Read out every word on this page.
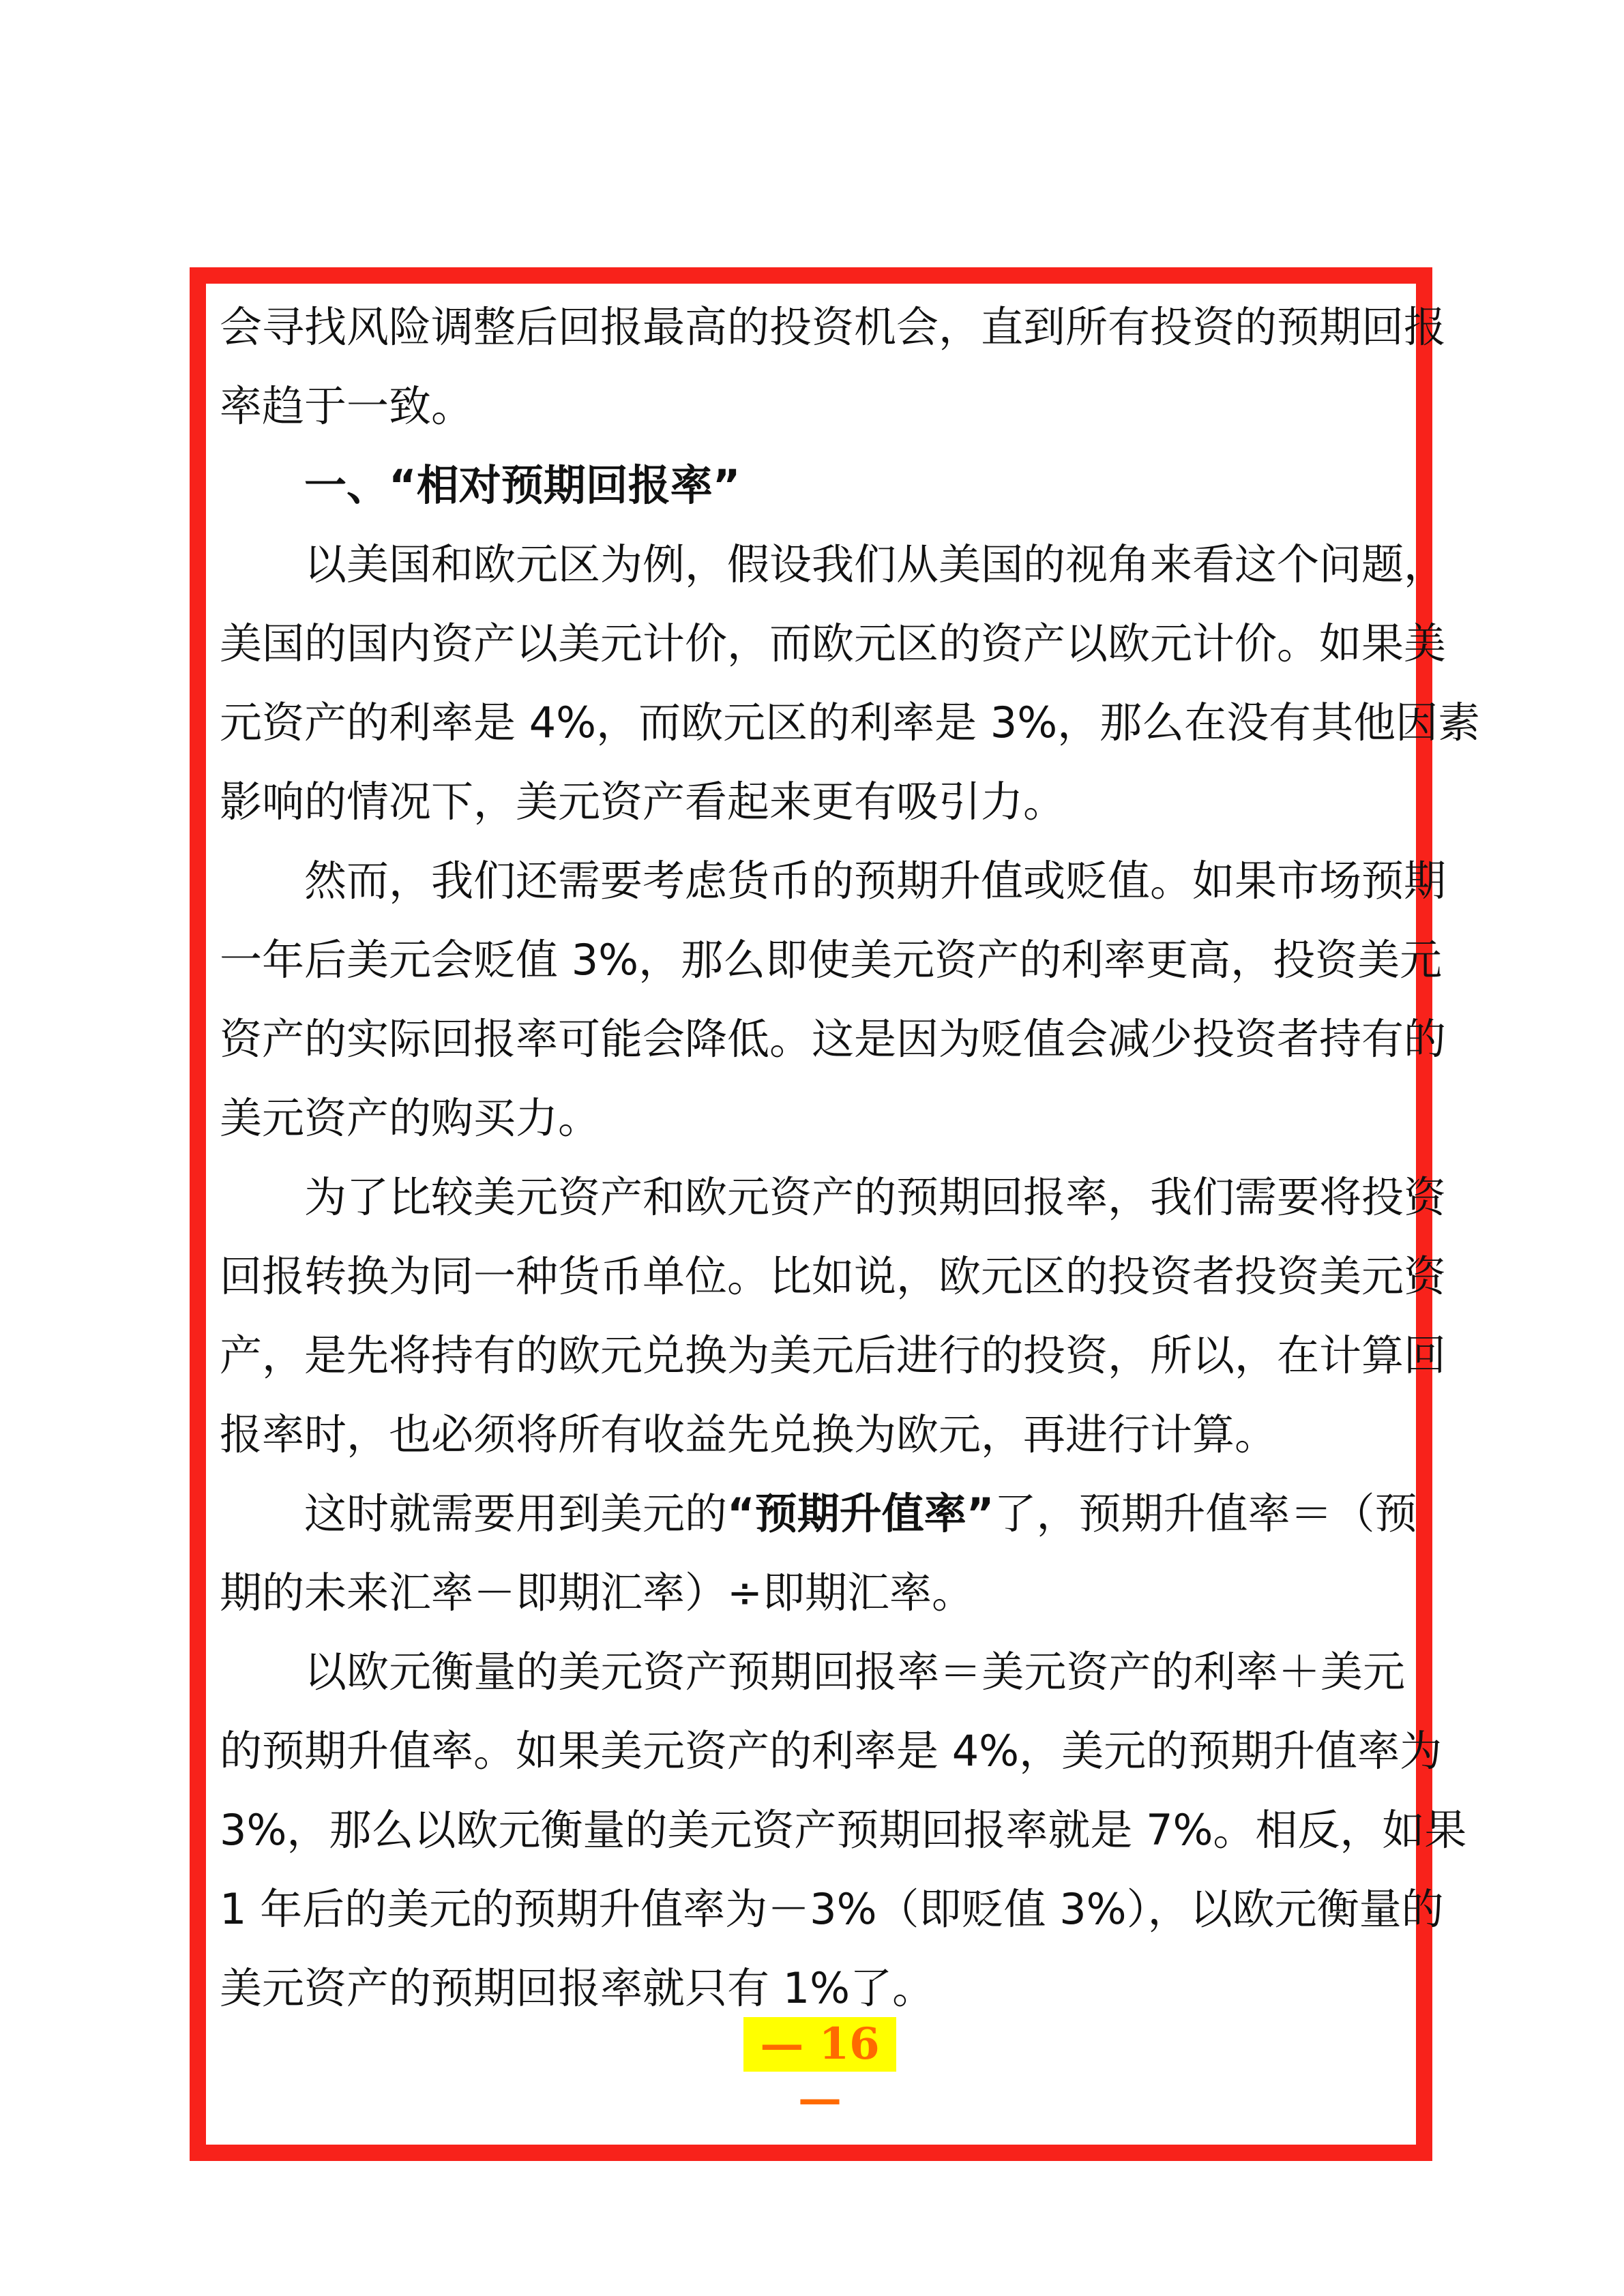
会寻找风险调整后回报最高的投资机会，直到所有投资的预期回报
率趋于一致。
一、“相对预期回报率”
以美国和欧元区为例，假设我们从美国的视角来看这个问题，
美国的国内资产以美元计价，而欧元区的资产以欧元计价。如果美
元资产的利率是 4%，而欧元区的利率是 3%，那么在没有其他因素
影响的情况下，美元资产看起来更有吸引力。
然而，我们还需要考虑货币的预期升值或贬值。如果市场预期
一年后美元会贬值 3%，那么即使美元资产的利率更高，投资美元
资产的实际回报率可能会降低。这是因为贬值会减少投资者持有的
美元资产的购买力。
为了比较美元资产和欧元资产的预期回报率，我们需要将投资
回报转换为同一种货币单位。比如说，欧元区的投资者投资美元资
产，是先将持有的欧元兑换为美元后进行的投资，所以，在计算回
报率时，也必须将所有收益先兑换为欧元，再进行计算。
这时就需要用到美元的“预期升值率”了，预期升值率＝（预
期的未来汇率－即期汇率）÷即期汇率。
以欧元衡量的美元资产预期回报率＝美元资产的利率＋美元
的预期升值率。如果美元资产的利率是 4%，美元的预期升值率为
3%，那么以欧元衡量的美元资产预期回报率就是 7%。相反，如果
1 年后的美元的预期升值率为－3%（即贬值 3%），以欧元衡量的
美元资产的预期回报率就只有 1%了。
— 16 —
